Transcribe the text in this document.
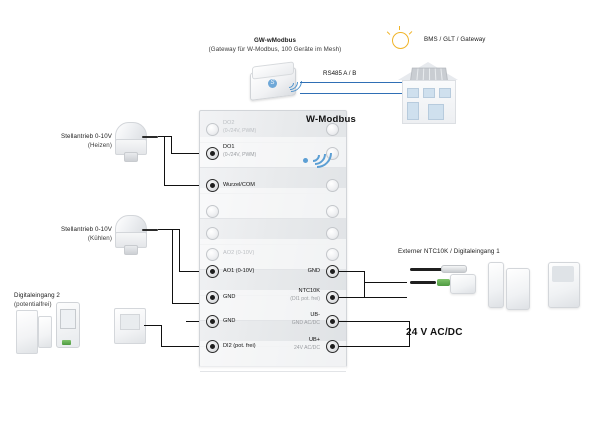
Stellantrieb 0-10V
(Heizen)
Stellantrieb 0-10V
(Kühlen)
Digitaleingang 2
(potentialfrei)
DO2
(0-/24V, PWM)
DO1
(0-/24V, PWM)
Wurzel/COM
AO2 (0-10V)
AO1 (0-10V)
GND
GND
DI2 (pot. frei)
GND
NTC10K
(DI1 pot. frei)
UB-
GND AC/DC
UB+
24V AC/DC
24 V AC/DC
Externer NTC10K / Digitaleingang 1
GW-wModbus
(Gateway für W-Modbus, 100 Geräte im Mesh)
S
RS485 A / B
W-Modbus
BMS / GLT / Gateway
